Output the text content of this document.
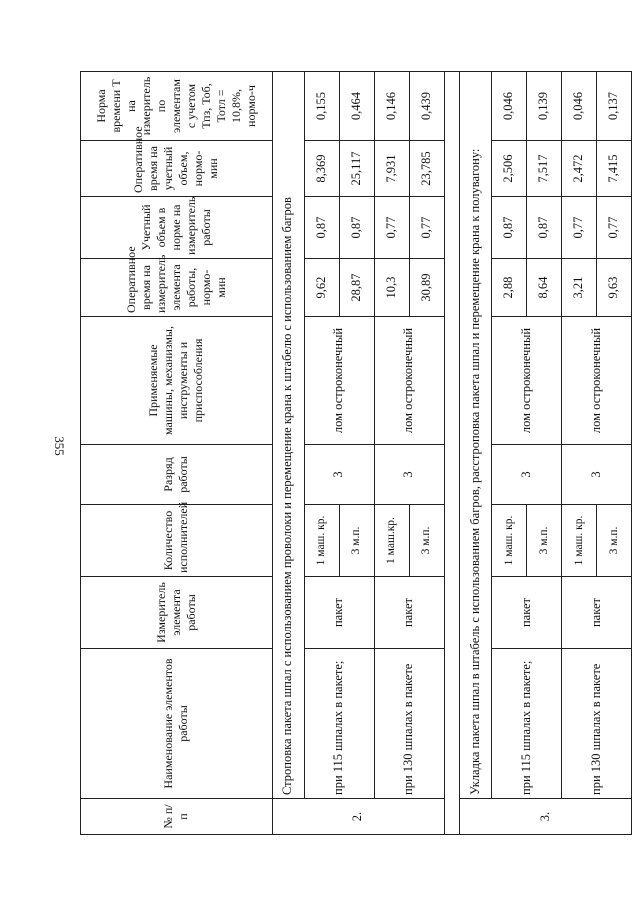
355
№ п/п	Наименование элементов работы	Измеритель элемента работы	Количество исполнителей	Разряд работы	Применяемые машины, механизмы, инструменты и приспособления	Оперативное время на измеритель элемента работы, нормо-мин	Учетный объем в норме на измеритель работы	Оперативное время на учетный объем, нормо-мин	Норма времени Т на измеритель по элементам с учетом Тпз, Тоб, Тотл = 10,8%, нормо-ч
2.	Строповка пакета шпал с использованием проволоки и перемещение крана к штабелю с использованием багров								
	при 115 шпалах в пакете;	пакет	1 маш. кр.	3	лом остроконечный	9,62	0,87	8,369	0,155
			3 м.п.			28,87	0,87	25,117	0,464
	при 130 шпалах в пакете	пакет	1 маш.кр.	3	лом остроконечный	10,3	0,77	7,931	0,146
			3 м.п.			30,89	0,77	23,785	0,439

3.	Укладка пакета шпал в штабель с использованием багров, расстроповка пакета шпал и перемещение крана к полувагону:								
	при 115 шпалах в пакете;	пакет	1 маш. кр.	3	лом остроконечный	2,88	0,87	2,506	0,046
			3 м.п.			8,64	0,87	7,517	0,139
	при 130 шпалах в пакете	пакет	1 маш. кр.	3	лом остроконечный	3,21	0,77	2,472	0,046
			3 м.п.			9,63	0,77	7,415	0,137
